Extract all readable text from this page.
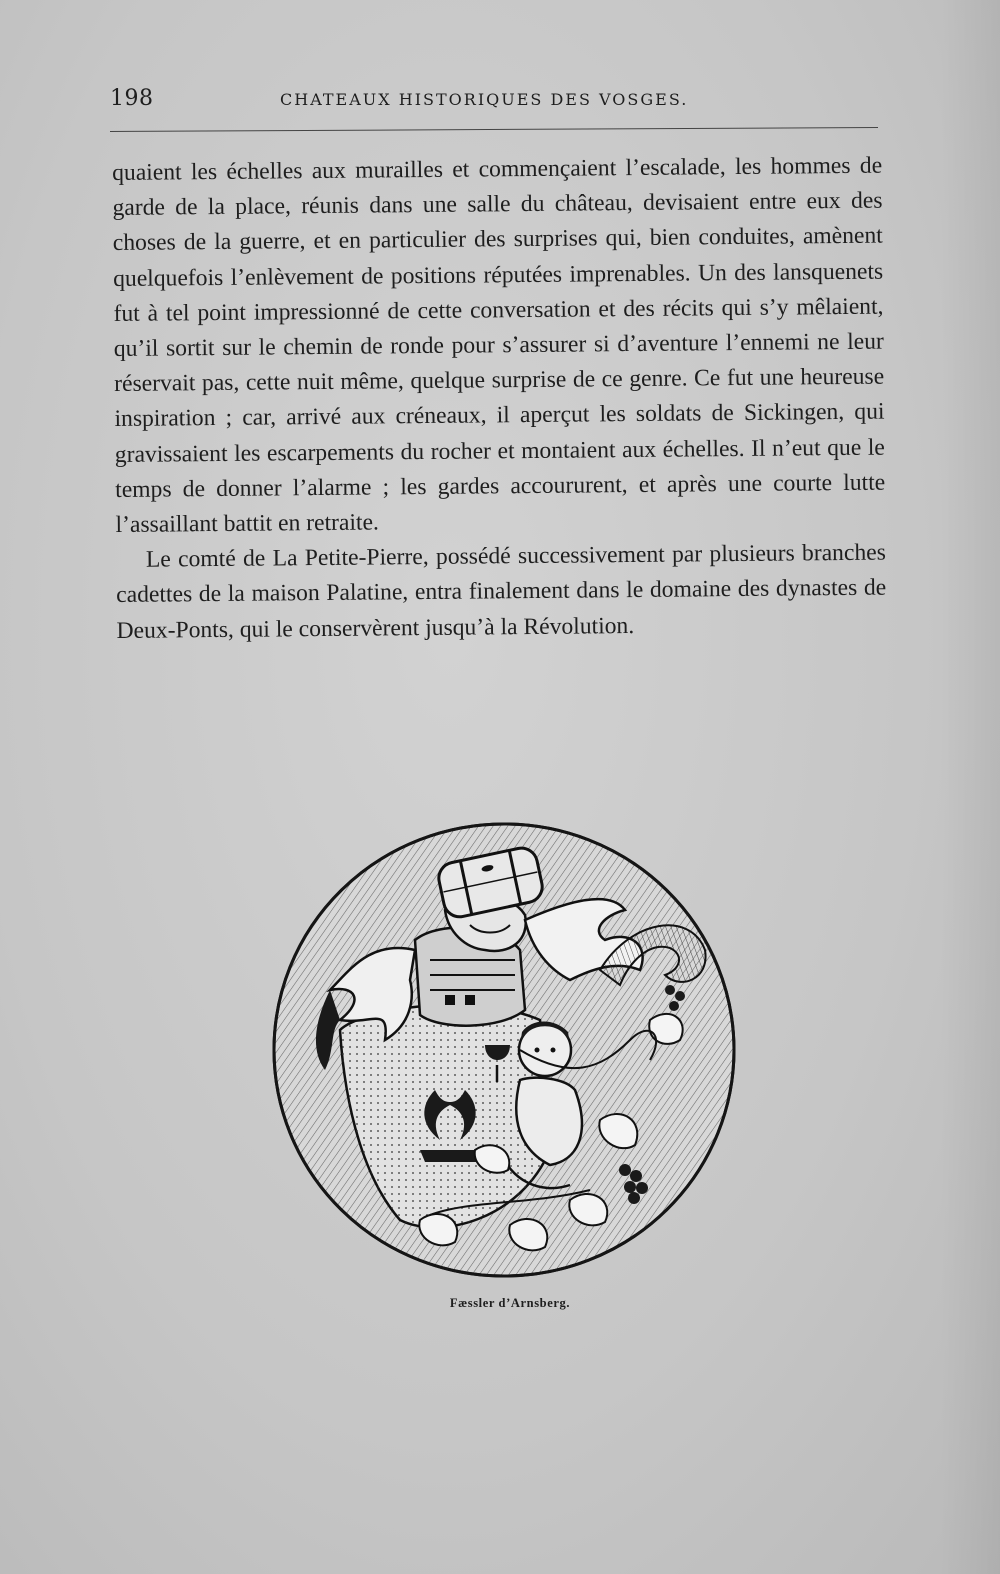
198	CHATEAUX HISTORIQUES DES VOSGES.

quaient les échelles aux murailles et commençaient l’escalade, les hommes de garde de la place, réunis dans une salle du château, devisaient entre eux des choses de la guerre, et en particulier des surprises qui, bien conduites, amènent quelquefois l’enlèvement de positions réputées imprenables. Un des lansquenets fut à tel point impressionné de cette conversation et des récits qui s’y mêlaient, qu’il sortit sur le chemin de ronde pour s’assurer si d’aventure l’ennemi ne leur réservait pas, cette nuit même, quelque surprise de ce genre. Ce fut une heureuse inspiration ; car, arrivé aux créneaux, il aperçut les soldats de Sickingen, qui gravissaient les escarpements du rocher et montaient aux échelles. Il n’eut que le temps de donner l’alarme ; les gardes accoururent, et après une courte lutte l’assaillant battit en retraite.

Le comté de La Petite-Pierre, possédé successivement par plusieurs branches cadettes de la maison Palatine, entra finalement dans le domaine des dynastes de Deux-Ponts, qui le conservèrent jusqu’à la Révolution.

Fæssler d’Arnsberg.
